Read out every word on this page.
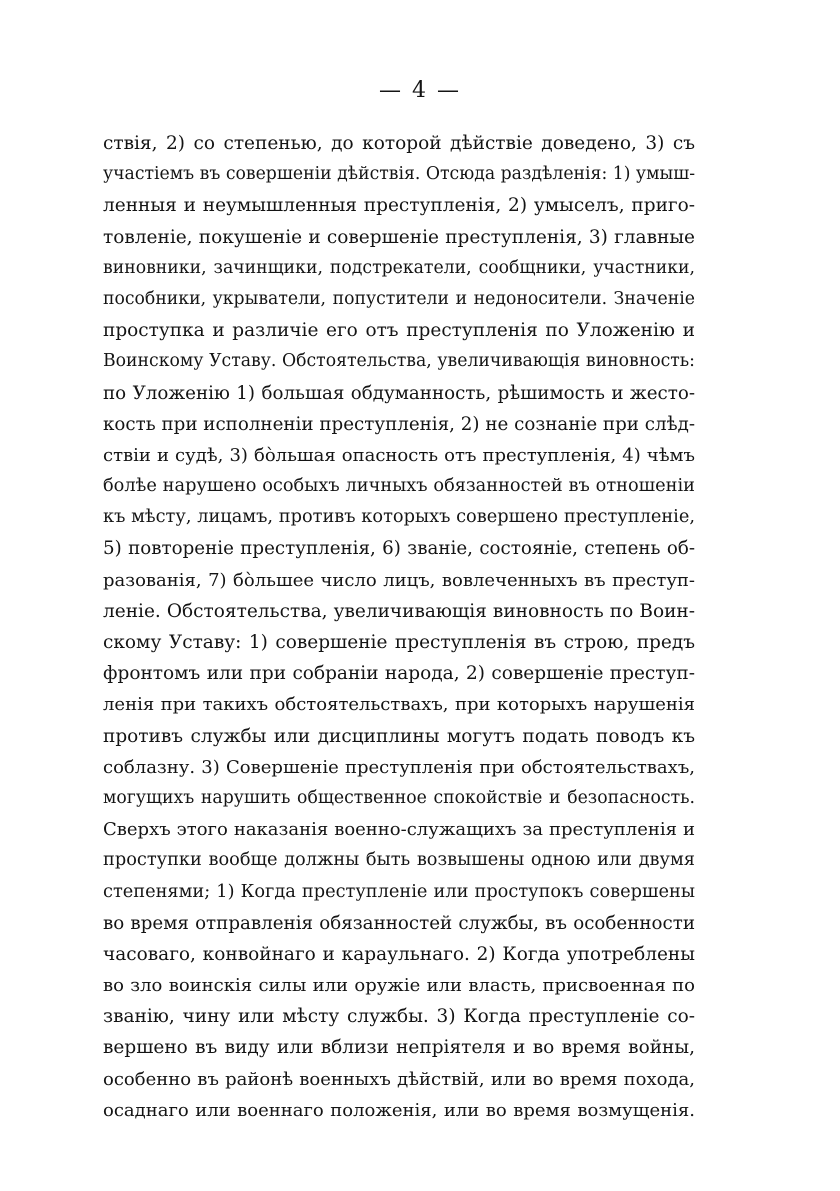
— 4 —
ствія, 2) со степенью, до которой дѣйствіе доведено, 3) съ
участіемъ въ совершеніи дѣйствія. Отсюда раздѣленія: 1) умыш-
ленныя и неумышленныя преступленія, 2) умыселъ, приго-
товленіе, покушеніе и совершеніе преступленія, 3) главные
виновники, зачинщики, подстрекатели, сообщники, участники,
пособники, укрыватели, попустители и недоносители. Значеніе
проступка и различіе его отъ преступленія по Уложенію и
Воинскому Уставу. Обстоятельства, увеличивающія виновность:
по Уложенію 1) большая обдуманность, рѣшимость и жесто-
кость при исполненіи преступленія, 2) не сознаніе при слѣд-
ствіи и судѣ, 3) бо̀льшая опасность отъ преступленія, 4) чѣмъ
болѣе нарушено особыхъ личныхъ обязанностей въ отношеніи
къ мѣсту, лицамъ, противъ которыхъ совершено преступленіе,
5) повтореніе преступленія, 6) званіе, состояніе, степень об-
разованія, 7) бо̀льшее число лицъ, вовлеченныхъ въ преступ-
леніе. Обстоятельства, увеличивающія виновность по Воин-
скому Уставу: 1) совершеніе преступленія въ строю, предъ
фронтомъ или при собраніи народа, 2) совершеніе преступ-
ленія при такихъ обстоятельствахъ, при которыхъ нарушенія
противъ службы или дисциплины могутъ подать поводъ къ
соблазну. 3) Совершеніе преступленія при обстоятельствахъ,
могущихъ нарушить общественное спокойствіе и безопасность.
Сверхъ этого наказанія военно-служащихъ за преступленія и
проступки вообще должны быть возвышены одною или двумя
степенями; 1) Когда преступленіе или проступокъ совершены
во время отправленія обязанностей службы, въ особенности
часоваго, конвойнаго и караульнаго. 2) Когда употреблены
во зло воинскія силы или оружіе или власть, присвоенная по
званію, чину или мѣсту службы. 3) Когда преступленіе со-
вершено въ виду или вблизи непріятеля и во время войны,
особенно въ районѣ военныхъ дѣйствій, или во время похода,
осаднаго или военнаго положенія, или во время возмущенія.
